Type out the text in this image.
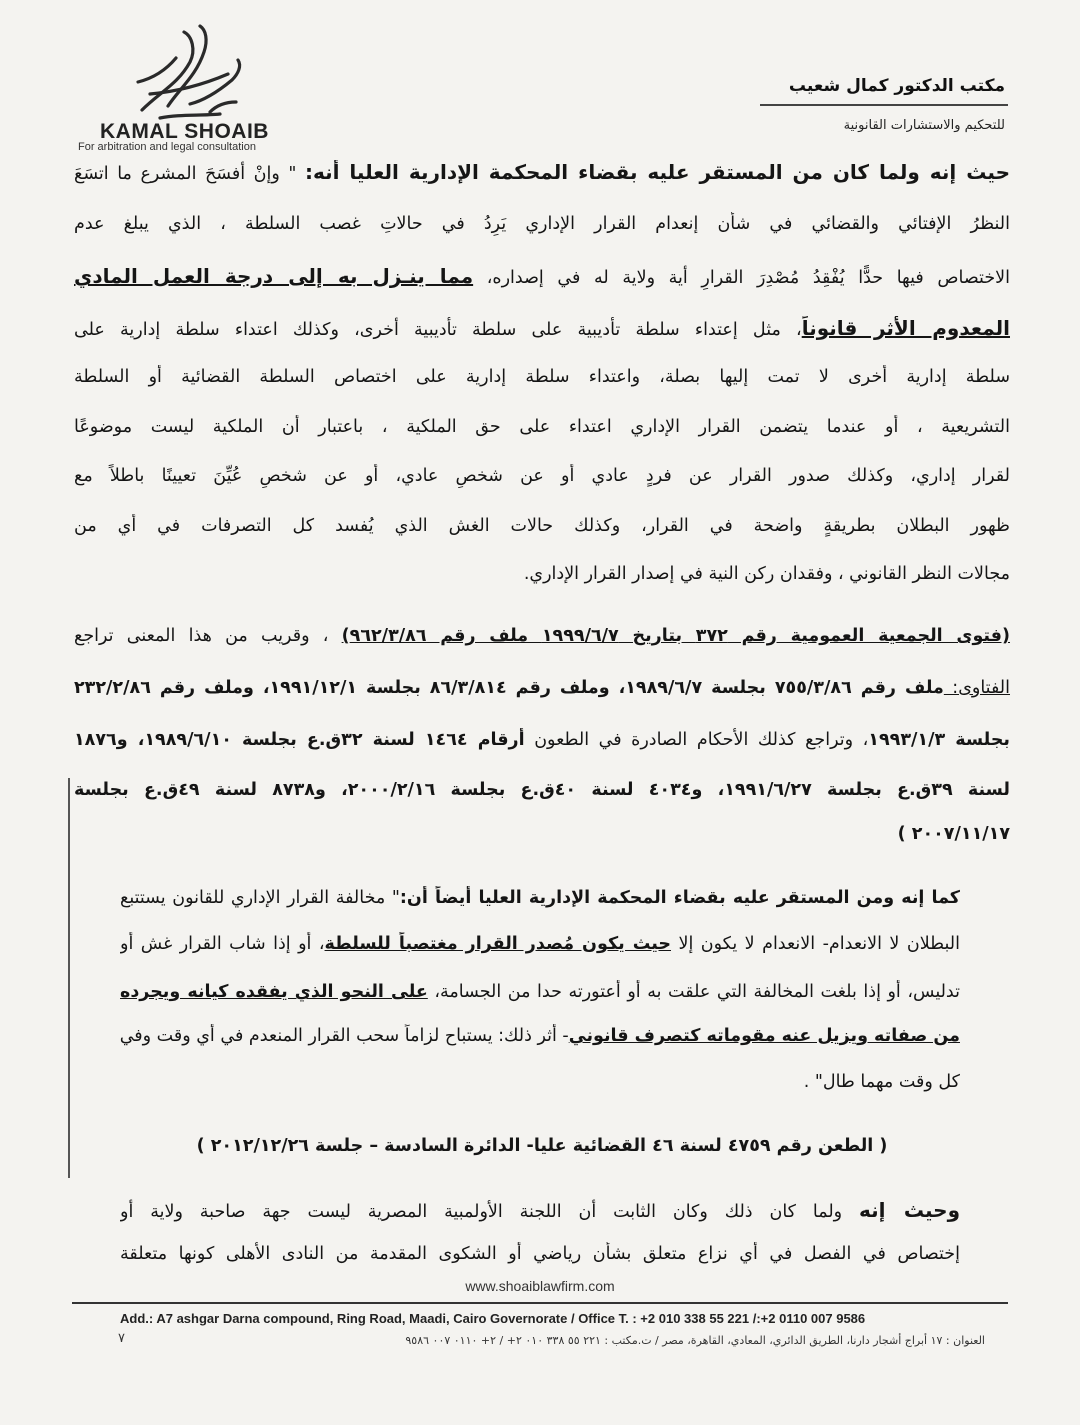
KAMAL SHOAIB
For arbitration and legal consultation
مكتب الدكتور كمال شعيب
للتحكيم والاستشارات القانونية
حيث إنه ولما كان من المستقر عليه بقضاء المحكمة الإدارية العليا أنه: " وإنْ أفسَحَ المشرع ما اتسَعَ
النظرُ الإفتائي والقضائي في شأن إنعدام القرار الإداري يَرِدُ في حالاتِ غصب السلطة ، الذي يبلغ عدم
الاختصاص فيها حدًّا يُفْقِدُ مُصْدِرَ القرارِ أية ولاية له في إصداره، مما ينـزل به إلى درجة العمل المادي
المعدوم الأثر قانوناً، مثل إعتداء سلطة تأديبية على سلطة تأديبية أخرى، وكذلك اعتداء سلطة إدارية على
سلطة إدارية أخرى لا تمت إليها بصلة، واعتداء سلطة إدارية على اختصاص السلطة القضائية أو السلطة
التشريعية ، أو عندما يتضمن القرار الإداري اعتداء على حق الملكية ، باعتبار أن الملكية ليست موضوعًا
لقرار إداري، وكذلك صدور القرار عن فردٍ عادي أو عن شخصٍ عادي، أو عن شخصٍ عُيِّنَ تعيينًا باطلاً مع
ظهور البطلان بطريقةٍ واضحة في القرار، وكذلك حالات الغش الذي يُفسد كل التصرفات في أي من
مجالات النظر القانوني ، وفقدان ركن النية في إصدار القرار الإداري.
(فتوى الجمعية العمومية رقم ٣٧٢ بتاريخ ١٩٩٩/٦/٧ ملف رقم ٩٦٢/٣/٨٦) ، وقريب من هذا المعنى تراجع
الفتاوى: ملف رقم ٧٥٥/٣/٨٦ بجلسة ١٩٨٩/٦/٧، وملف رقم ٨٦/٣/٨١٤ بجلسة ١٩٩١/١٢/١، وملف رقم ٢٣٢/٢/٨٦
بجلسة ١٩٩٣/١/٣، وتراجع كذلك الأحكام الصادرة في الطعون أرقام ١٤٦٤ لسنة ٣٢ق.ع بجلسة ١٩٨٩/٦/١٠، و١٨٧٦
لسنة ٣٩ق.ع بجلسة ١٩٩١/٦/٢٧، و٤٠٣٤ لسنة ٤٠ق.ع بجلسة ٢٠٠٠/٢/١٦، و٨٧٣٨ لسنة ٤٩ق.ع بجلسة
٢٠٠٧/١١/١٧ )
كما إنه ومن المستقر عليه بقضاء المحكمة الإدارية العليا أيضاً أن:" مخالفة القرار الإداري للقانون يستتبع
البطلان لا الانعدام- الانعدام لا يكون إلا حيث يكون مُصدر القرار مغتصباً للسلطة، أو إذا شاب القرار غش أو
تدليس، أو إذا بلغت المخالفة التي علقت به أو أعتورته حدا من الجسامة، على النحو الذي يفقده كيانه ويجرده
من صفاته ويزيل عنه مقوماته كتصرف قانوني- أثر ذلك: يستباح لزاماً سحب القرار المنعدم في أي وقت وفي
كل وقت مهما طال" .
( الطعن رقم ٤٧٥٩ لسنة ٤٦ القضائية عليا- الدائرة السادسة – جلسة ٢٠١٢/١٢/٢٦ )
وحيث إنه ولما كان ذلك وكان الثابت أن اللجنة الأولمبية المصرية ليست جهة صاحبة ولاية أو
إختصاص في الفصل في أي نزاع متعلق بشأن رياضي أو الشكوى المقدمة من النادى الأهلى كونها متعلقة
www.shoaiblawfirm.com
Add.: A7 ashgar Darna compound, Ring Road, Maadi, Cairo Governorate / Office T. : +2 010 338 55 221 /:+2 0110 007 9586
العنوان : ١٧ أبراج أشجار دارنا، الطريق الدائري، المعادي، القاهرة، مصر / ت.مكتب : ٢٢١ ٥٥ ٣٣٨ ٠١٠ ٢+ / ٢+ ٠١١٠ ٠٠٧ ٩٥٨٦
٧
